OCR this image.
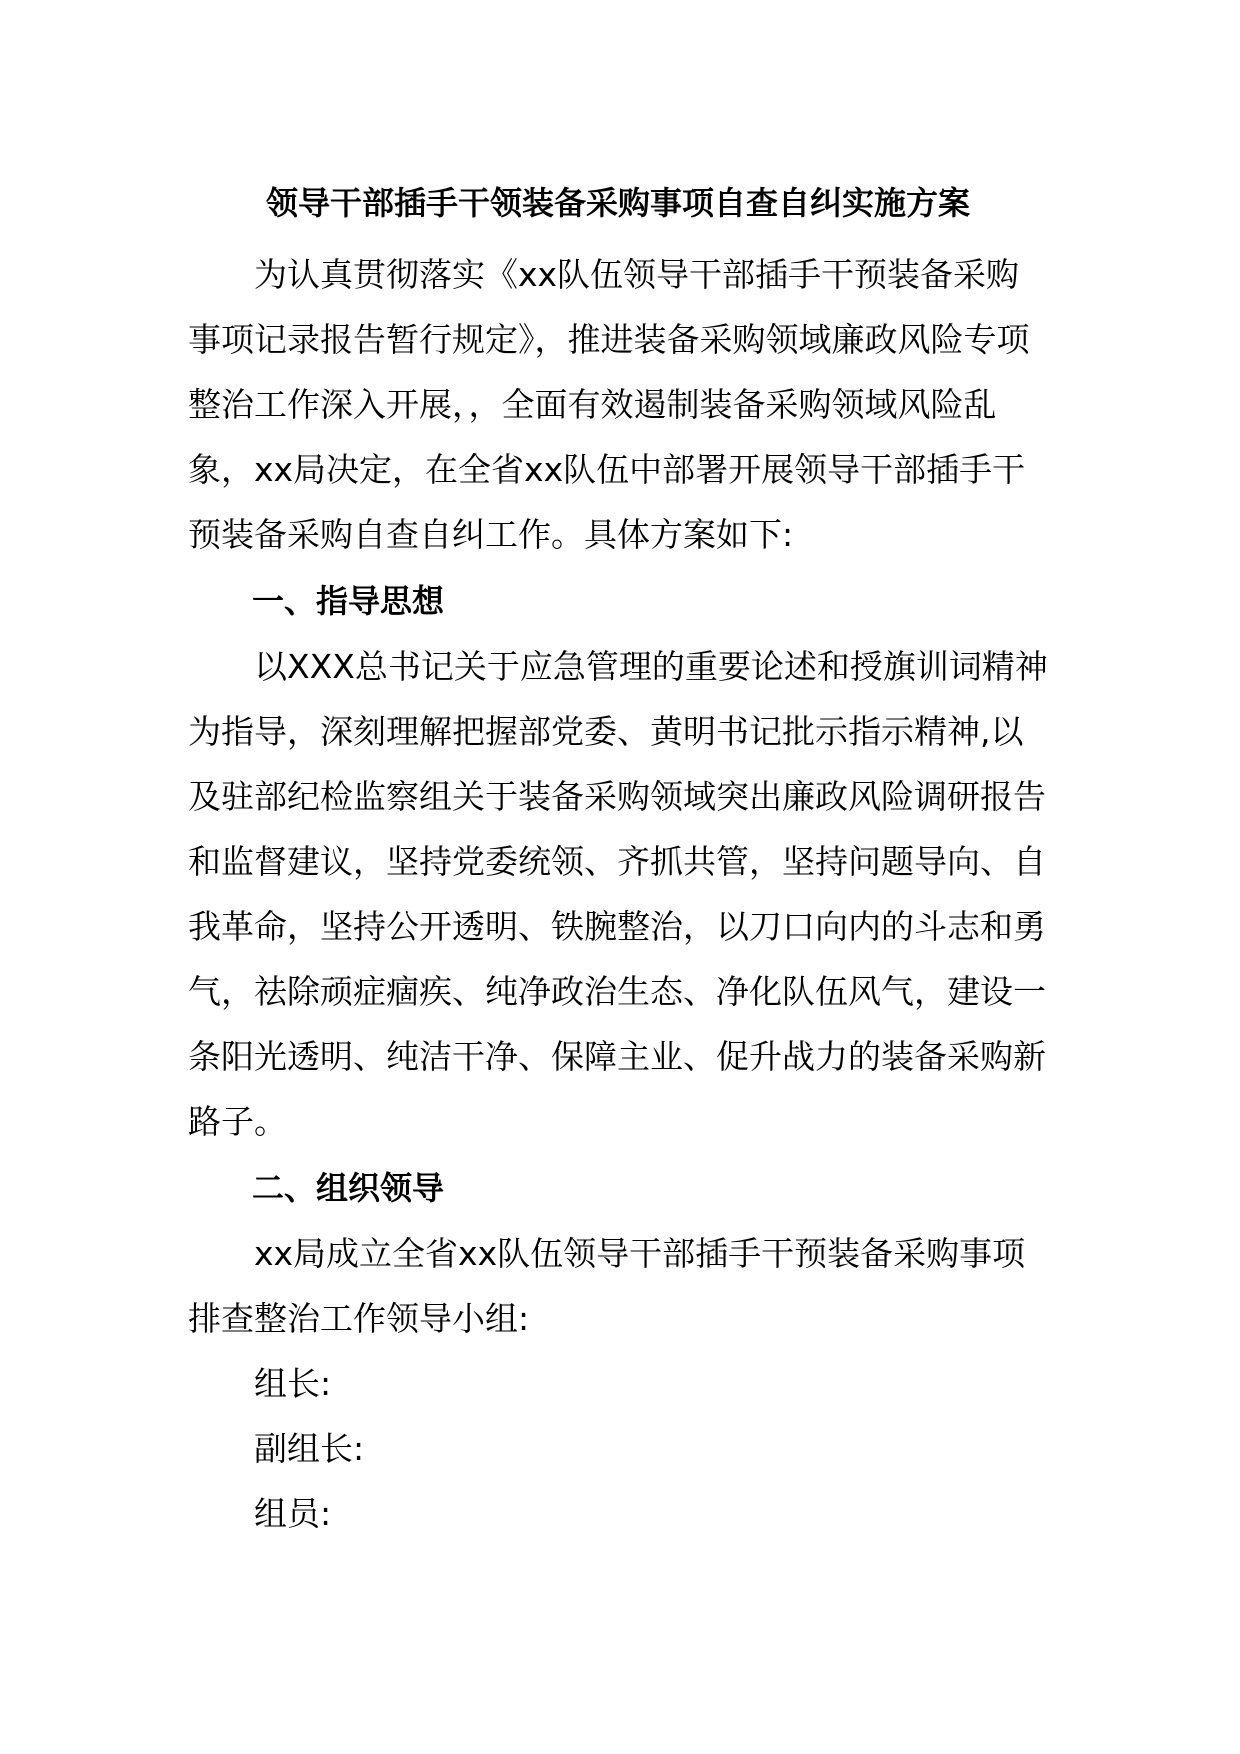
领导干部插手干领装备采购事项自查自纠实施方案

为认真贯彻落实《xx队伍领导干部插手干预装备采购事项记录报告暂行规定》，推进装备采购领域廉政风险专项整治工作深入开展，，全面有效遏制装备采购领域风险乱象，xx局决定，在全省xx队伍中部署开展领导干部插手干预装备采购自查自纠工作。具体方案如下:

一、指导思想

以XXX总书记关于应急管理的重要论述和授旗训词精神为指导，深刻理解把握部党委、黄明书记批示指示精神,以及驻部纪检监察组关于装备采购领域突出廉政风险调研报告和监督建议，坚持党委统领、齐抓共管，坚持问题导向、自我革命，坚持公开透明、铁腕整治，以刀口向内的斗志和勇气，祛除顽症痼疾、纯净政治生态、净化队伍风气，建设一条阳光透明、纯洁干净、保障主业、促升战力的装备采购新路子。

二、组织领导

xx局成立全省xx队伍领导干部插手干预装备采购事项排查整治工作领导小组:

组长:

副组长:

组员:
